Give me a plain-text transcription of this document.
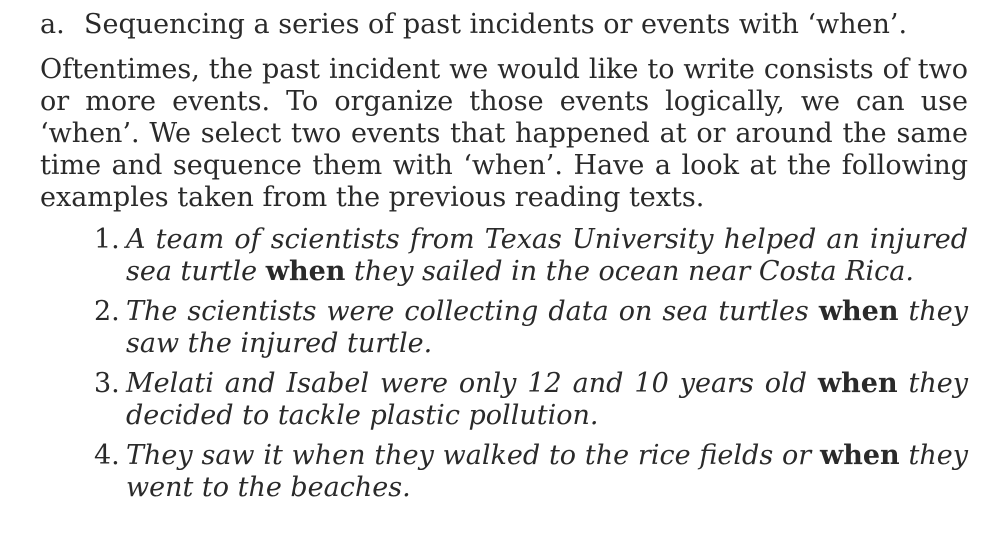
a. Sequencing a series of past incidents or events with ‘when’.

Oftentimes, the past incident we would like to write consists of two or more events. To organize those events logically, we can use ‘when’. We select two events that happened at or around the same time and sequence them with ‘when’. Have a look at the following examples taken from the previous reading texts.

1. A team of scientists from Texas University helped an injured sea turtle when they sailed in the ocean near Costa Rica.
2. The scientists were collecting data on sea turtles when they saw the injured turtle.
3. Melati and Isabel were only 12 and 10 years old when they decided to tackle plastic pollution.
4. They saw it when they walked to the rice fields or when they went to the beaches.
